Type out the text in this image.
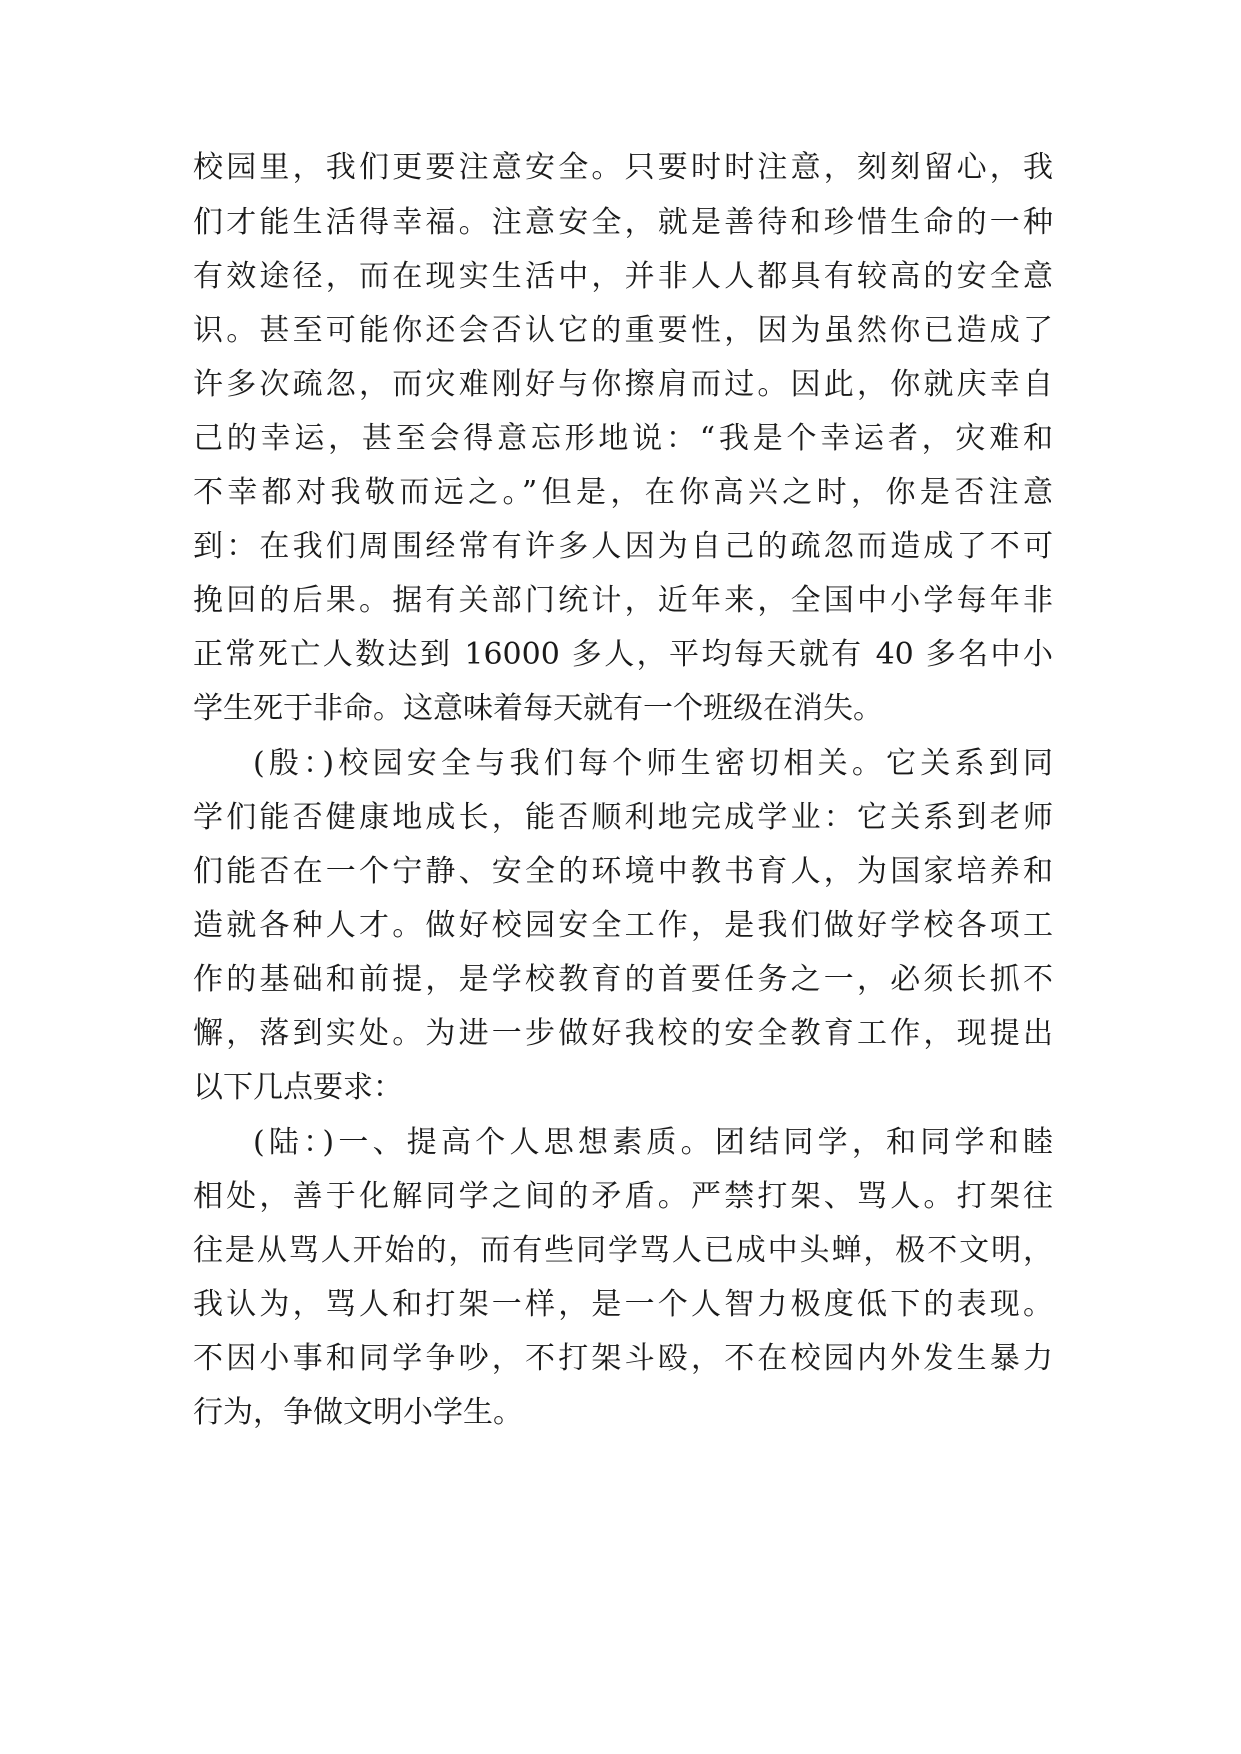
校园里，我们更要注意安全。只要时时注意，刻刻留心，我
们才能生活得幸福。注意安全，就是善待和珍惜生命的一种
有效途径，而在现实生活中，并非人人都具有较高的安全意
识。甚至可能你还会否认它的重要性，因为虽然你已造成了
许多次疏忽，而灾难刚好与你擦肩而过。因此，你就庆幸自
己的幸运，甚至会得意忘形地说：“我是个幸运者，灾难和
不幸都对我敬而远之。”但是，在你高兴之时，你是否注意
到：在我们周围经常有许多人因为自己的疏忽而造成了不可
挽回的后果。据有关部门统计，近年来，全国中小学每年非
正常死亡人数达到 16000 多人，平均每天就有 40 多名中小
学生死于非命。这意味着每天就有一个班级在消失。
(殷：)校园安全与我们每个师生密切相关。它关系到同
学们能否健康地成长，能否顺利地完成学业：它关系到老师
们能否在一个宁静、安全的环境中教书育人，为国家培养和
造就各种人才。做好校园安全工作，是我们做好学校各项工
作的基础和前提，是学校教育的首要任务之一，必须长抓不
懈，落到实处。为进一步做好我校的安全教育工作，现提出
以下几点要求：
(陆：)一、提高个人思想素质。团结同学，和同学和睦
相处，善于化解同学之间的矛盾。严禁打架、骂人。打架往
往是从骂人开始的，而有些同学骂人已成中头蝉，极不文明，
我认为，骂人和打架一样，是一个人智力极度低下的表现。
不因小事和同学争吵，不打架斗殴，不在校园内外发生暴力
行为，争做文明小学生。
